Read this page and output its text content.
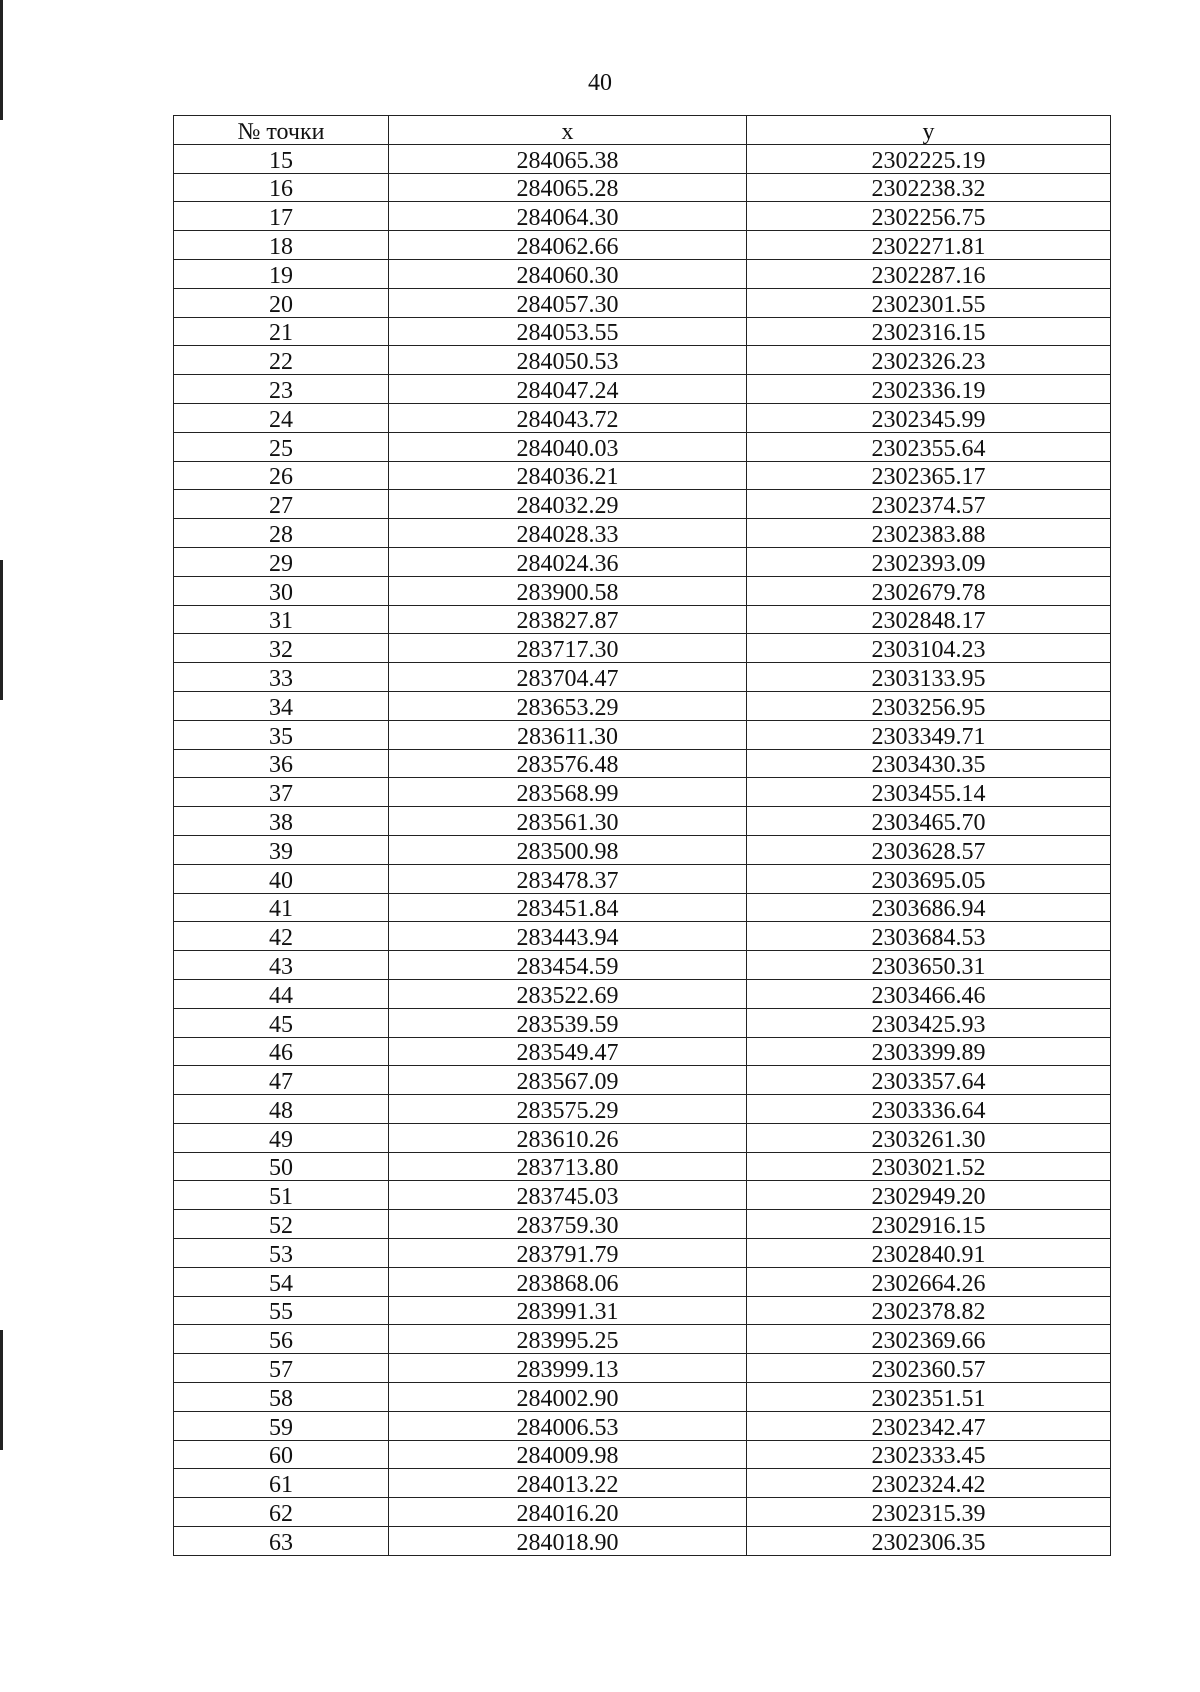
40
№ точки	x	y
15	284065.38	2302225.19
16	284065.28	2302238.32
17	284064.30	2302256.75
18	284062.66	2302271.81
19	284060.30	2302287.16
20	284057.30	2302301.55
21	284053.55	2302316.15
22	284050.53	2302326.23
23	284047.24	2302336.19
24	284043.72	2302345.99
25	284040.03	2302355.64
26	284036.21	2302365.17
27	284032.29	2302374.57
28	284028.33	2302383.88
29	284024.36	2302393.09
30	283900.58	2302679.78
31	283827.87	2302848.17
32	283717.30	2303104.23
33	283704.47	2303133.95
34	283653.29	2303256.95
35	283611.30	2303349.71
36	283576.48	2303430.35
37	283568.99	2303455.14
38	283561.30	2303465.70
39	283500.98	2303628.57
40	283478.37	2303695.05
41	283451.84	2303686.94
42	283443.94	2303684.53
43	283454.59	2303650.31
44	283522.69	2303466.46
45	283539.59	2303425.93
46	283549.47	2303399.89
47	283567.09	2303357.64
48	283575.29	2303336.64
49	283610.26	2303261.30
50	283713.80	2303021.52
51	283745.03	2302949.20
52	283759.30	2302916.15
53	283791.79	2302840.91
54	283868.06	2302664.26
55	283991.31	2302378.82
56	283995.25	2302369.66
57	283999.13	2302360.57
58	284002.90	2302351.51
59	284006.53	2302342.47
60	284009.98	2302333.45
61	284013.22	2302324.42
62	284016.20	2302315.39
63	284018.90	2302306.35
